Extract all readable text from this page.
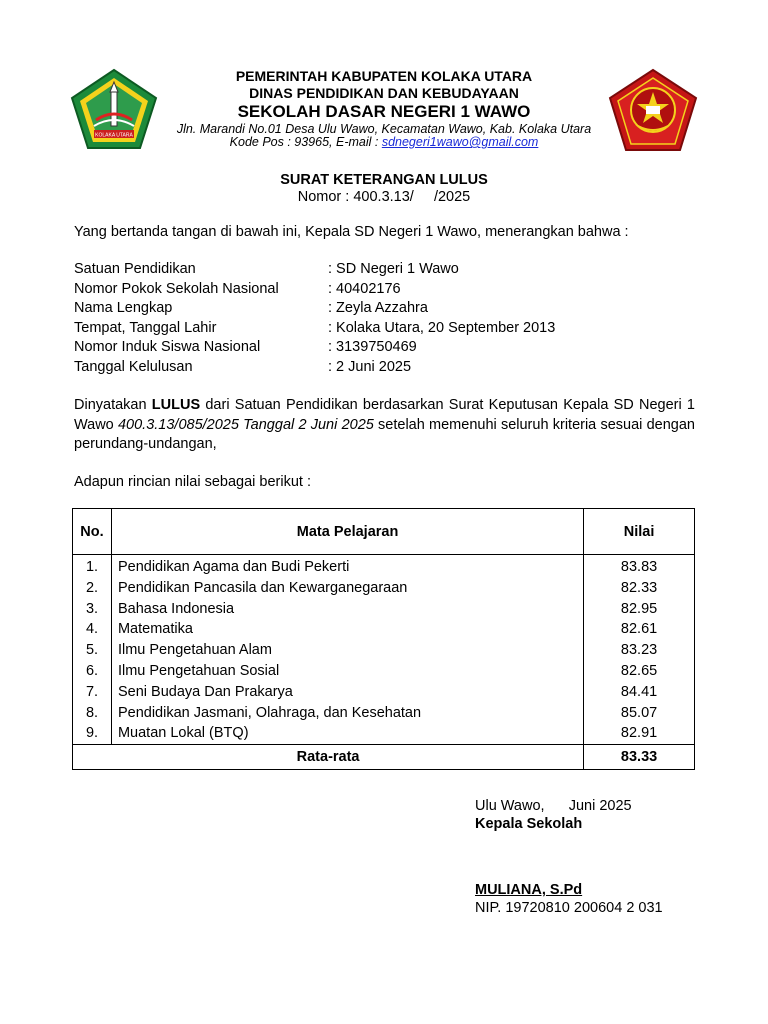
KOLAKA UTARA
PEMERINTAH KABUPATEN KOLAKA UTARA
DINAS PENDIDIKAN DAN KEBUDAYAAN
SEKOLAH DASAR NEGERI 1 WAWO
Jln. Marandi No.01 Desa Ulu Wawo, Kecamatan Wawo, Kab. Kolaka Utara
Kode Pos : 93965, E-mail : sdnegeri1wawo@gmail.com
SURAT KETERANGAN LULUS
Nomor : 400.3.13/     /2025
Yang bertanda tangan di bawah ini, Kepala SD Negeri 1 Wawo, menerangkan bahwa :
Satuan Pendidikan	: SD Negeri 1 Wawo
Nomor Pokok Sekolah Nasional	: 40402176
Nama Lengkap	: Zeyla Azzahra
Tempat, Tanggal Lahir	: Kolaka Utara, 20 September 2013
Nomor Induk Siswa Nasional	: 3139750469
Tanggal Kelulusan	: 2 Juni 2025
Dinyatakan LULUS dari Satuan Pendidikan berdasarkan Surat Keputusan Kepala SD Negeri 1 Wawo 400.3.13/085/2025 Tanggal 2 Juni 2025 setelah memenuhi seluruh kriteria sesuai dengan perundang-undangan,
Adapun rincian nilai sebagai berikut :
No.	Mata Pelajaran	Nilai
1.	Pendidikan Agama dan Budi Pekerti	83.83
2.	Pendidikan Pancasila dan Kewarganegaraan	82.33
3.	Bahasa Indonesia	82.95
4.	Matematika	82.61
5.	Ilmu Pengetahuan Alam	83.23
6.	Ilmu Pengetahuan Sosial	82.65
7.	Seni Budaya Dan Prakarya	84.41
8.	Pendidikan Jasmani, Olahraga, dan Kesehatan	85.07
9.	Muatan Lokal (BTQ)	82.91
Rata-rata		83.33
Ulu Wawo,      Juni 2025
Kepala Sekolah
MULIANA, S.Pd
NIP. 19720810 200604 2 031
